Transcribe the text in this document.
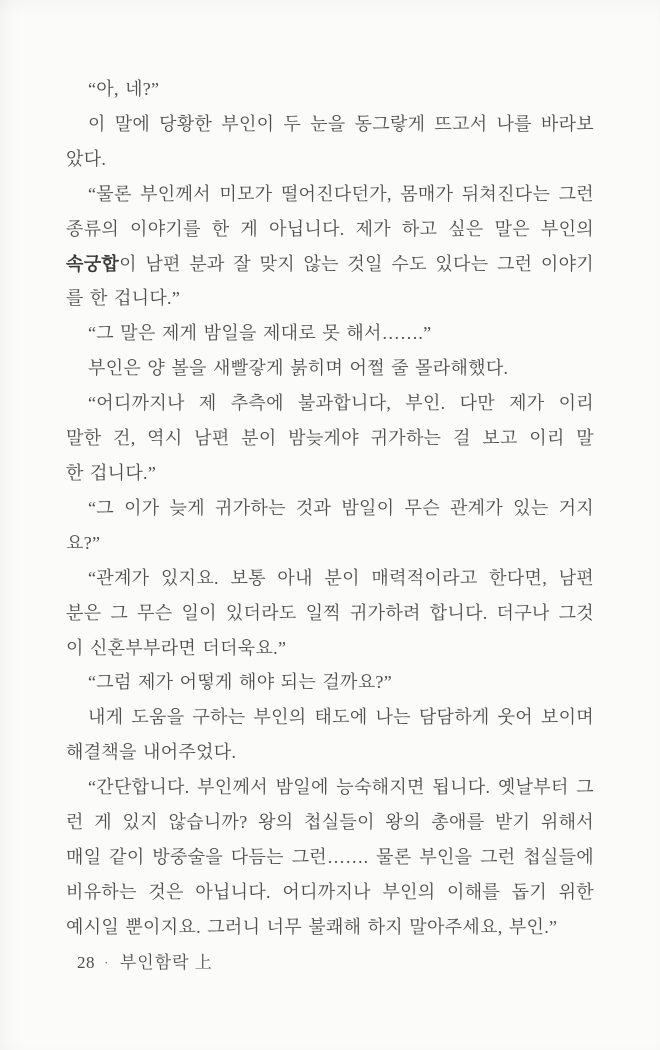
“아, 네?”
이 말에 당황한 부인이 두 눈을 동그랗게 뜨고서 나를 바라보
았다.
“물론 부인께서 미모가 떨어진다던가, 몸매가 뒤쳐진다는 그런
종류의 이야기를 한 게 아닙니다. 제가 하고 싶은 말은 부인의
속궁합이 남편 분과 잘 맞지 않는 것일 수도 있다는 그런 이야기
를 한 겁니다.”
“그 말은 제게 밤일을 제대로 못 해서…….”
부인은 양 볼을 새빨갛게 붉히며 어쩔 줄 몰라해했다.
“어디까지나 제 추측에 불과합니다, 부인. 다만 제가 이리
말한 건, 역시 남편 분이 밤늦게야 귀가하는 걸 보고 이리 말
한 겁니다.”
“그 이가 늦게 귀가하는 것과 밤일이 무슨 관계가 있는 거지
요?”
“관계가 있지요. 보통 아내 분이 매력적이라고 한다면, 남편
분은 그 무슨 일이 있더라도 일찍 귀가하려 합니다. 더구나 그것
이 신혼부부라면 더더욱요.”
“그럼 제가 어떻게 해야 되는 걸까요?”
내게 도움을 구하는 부인의 태도에 나는 담담하게 웃어 보이며
해결책을 내어주었다.
“간단합니다. 부인께서 밤일에 능숙해지면 됩니다. 옛날부터 그
런 게 있지 않습니까? 왕의 첩실들이 왕의 총애를 받기 위해서
매일 같이 방중술을 다듬는 그런……. 물론 부인을 그런 첩실들에
비유하는 것은 아닙니다. 어디까지나 부인의 이해를 돕기 위한
예시일 뿐이지요. 그러니 너무 불쾌해 하지 말아주세요, 부인.”
28 · 부인함락 上
